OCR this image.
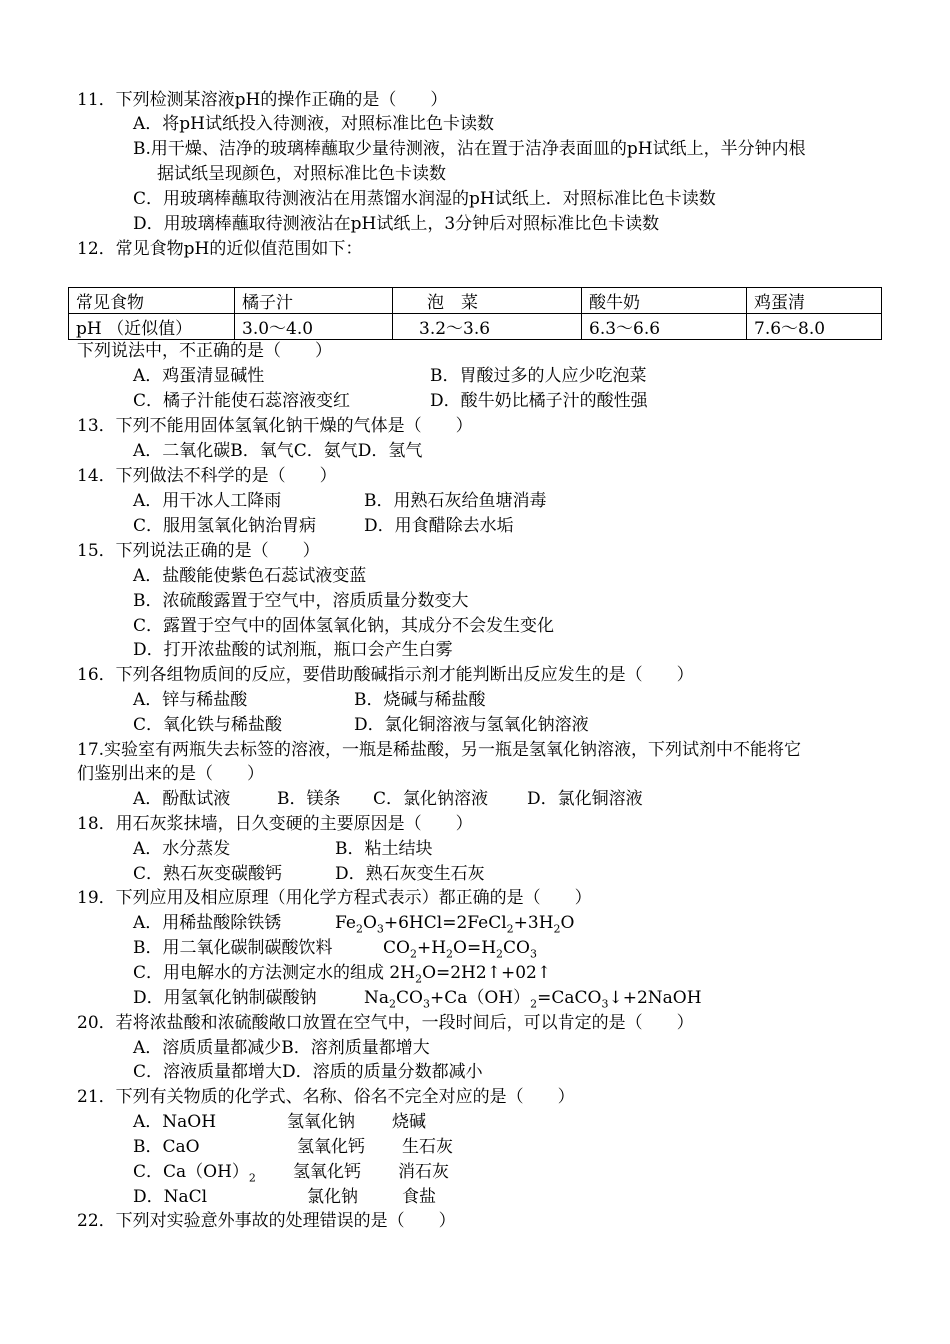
11．下列检测某溶液pH的操作正确的是（　　）
A．将pH试纸投入待测液，对照标准比色卡读数
B.用干燥、洁净的玻璃棒蘸取少量待测液，沾在置于洁净表面皿的pH试纸上，半分钟内根
据试纸呈现颜色，对照标准比色卡读数
C．用玻璃棒蘸取待测液沾在用蒸馏水润湿的pH试纸上．对照标准比色卡读数
D．用玻璃棒蘸取待测液沾在pH试纸上，3分钟后对照标准比色卡读数
12．常见食物pH的近似值范围如下：
常见食物	橘子汁	泡　菜	酸牛奶	鸡蛋清
pH （近似值）	3.0～4.0	3.2～3.6	6.3～6.6	7.6～8.0
下列说法中，不正确的是（　　）
A．鸡蛋清显碱性	B．胃酸过多的人应少吃泡菜
C．橘子汁能使石蕊溶液变红	D．酸牛奶比橘子汁的酸性强
13．下列不能用固体氢氧化钠干燥的气体是（　　）
A．二氧化碳B．氧气C．氨气D．氢气
14．下列做法不科学的是（　　）
A．用干冰人工降雨	B．用熟石灰给鱼塘消毒
C．服用氢氧化钠治胃病	D．用食醋除去水垢
15．下列说法正确的是（　　）
A．盐酸能使紫色石蕊试液变蓝
B．浓硫酸露置于空气中，溶质质量分数变大
C．露置于空气中的固体氢氧化钠，其成分不会发生变化
D．打开浓盐酸的试剂瓶，瓶口会产生白雾
16．下列各组物质间的反应，要借助酸碱指示剂才能判断出反应发生的是（　　）
A．锌与稀盐酸	B．烧碱与稀盐酸
C．氧化铁与稀盐酸	D．氯化铜溶液与氢氧化钠溶液
17.实验室有两瓶失去标签的溶液，一瓶是稀盐酸，另一瓶是氢氧化钠溶液，下列试剂中不能将它
们鉴别出来的是（　　）
A．酚酞试液	B．镁条 C．氯化钠溶液 D．氯化铜溶液
18．用石灰浆抹墙，日久变硬的主要原因是（　　）
A．水分蒸发	B．粘土结块
C．熟石灰变碳酸钙	D．熟石灰变生石灰
19．下列应用及相应原理（用化学方程式表示）都正确的是（　　）
A．用稀盐酸除铁锈	$Fe_2O_3+6HCl=2FeCl_2+3H_2O$
B．用二氧化碳制碳酸饮料	$CO_2+H_2O=H_2CO_3$
C．用电解水的方法测定水的组成 $2H_2O=2H2↑+02↑$
D．用氢氧化钠制碳酸钠	$Na_2CO_3+Ca(OH)_2=CaCO_3↓+2NaOH$
20．若将浓盐酸和浓硫酸敞口放置在空气中，一段时间后，可以肯定的是（　　）
A．溶质质量都减少B．溶剂质量都增大
C．溶液质量都增大D．溶质的质量分数都减小
21．下列有关物质的化学式、名称、俗名不完全对应的是（　　）
A．NaOH	氢氧化钠 烧碱
B．CaO	氢氧化钙 生石灰
C．$Ca(OH)_2$ 氢氧化钙 消石灰
D．NaCl	氯化钠	食盐
22．下列对实验意外事故的处理错误的是（　　）
